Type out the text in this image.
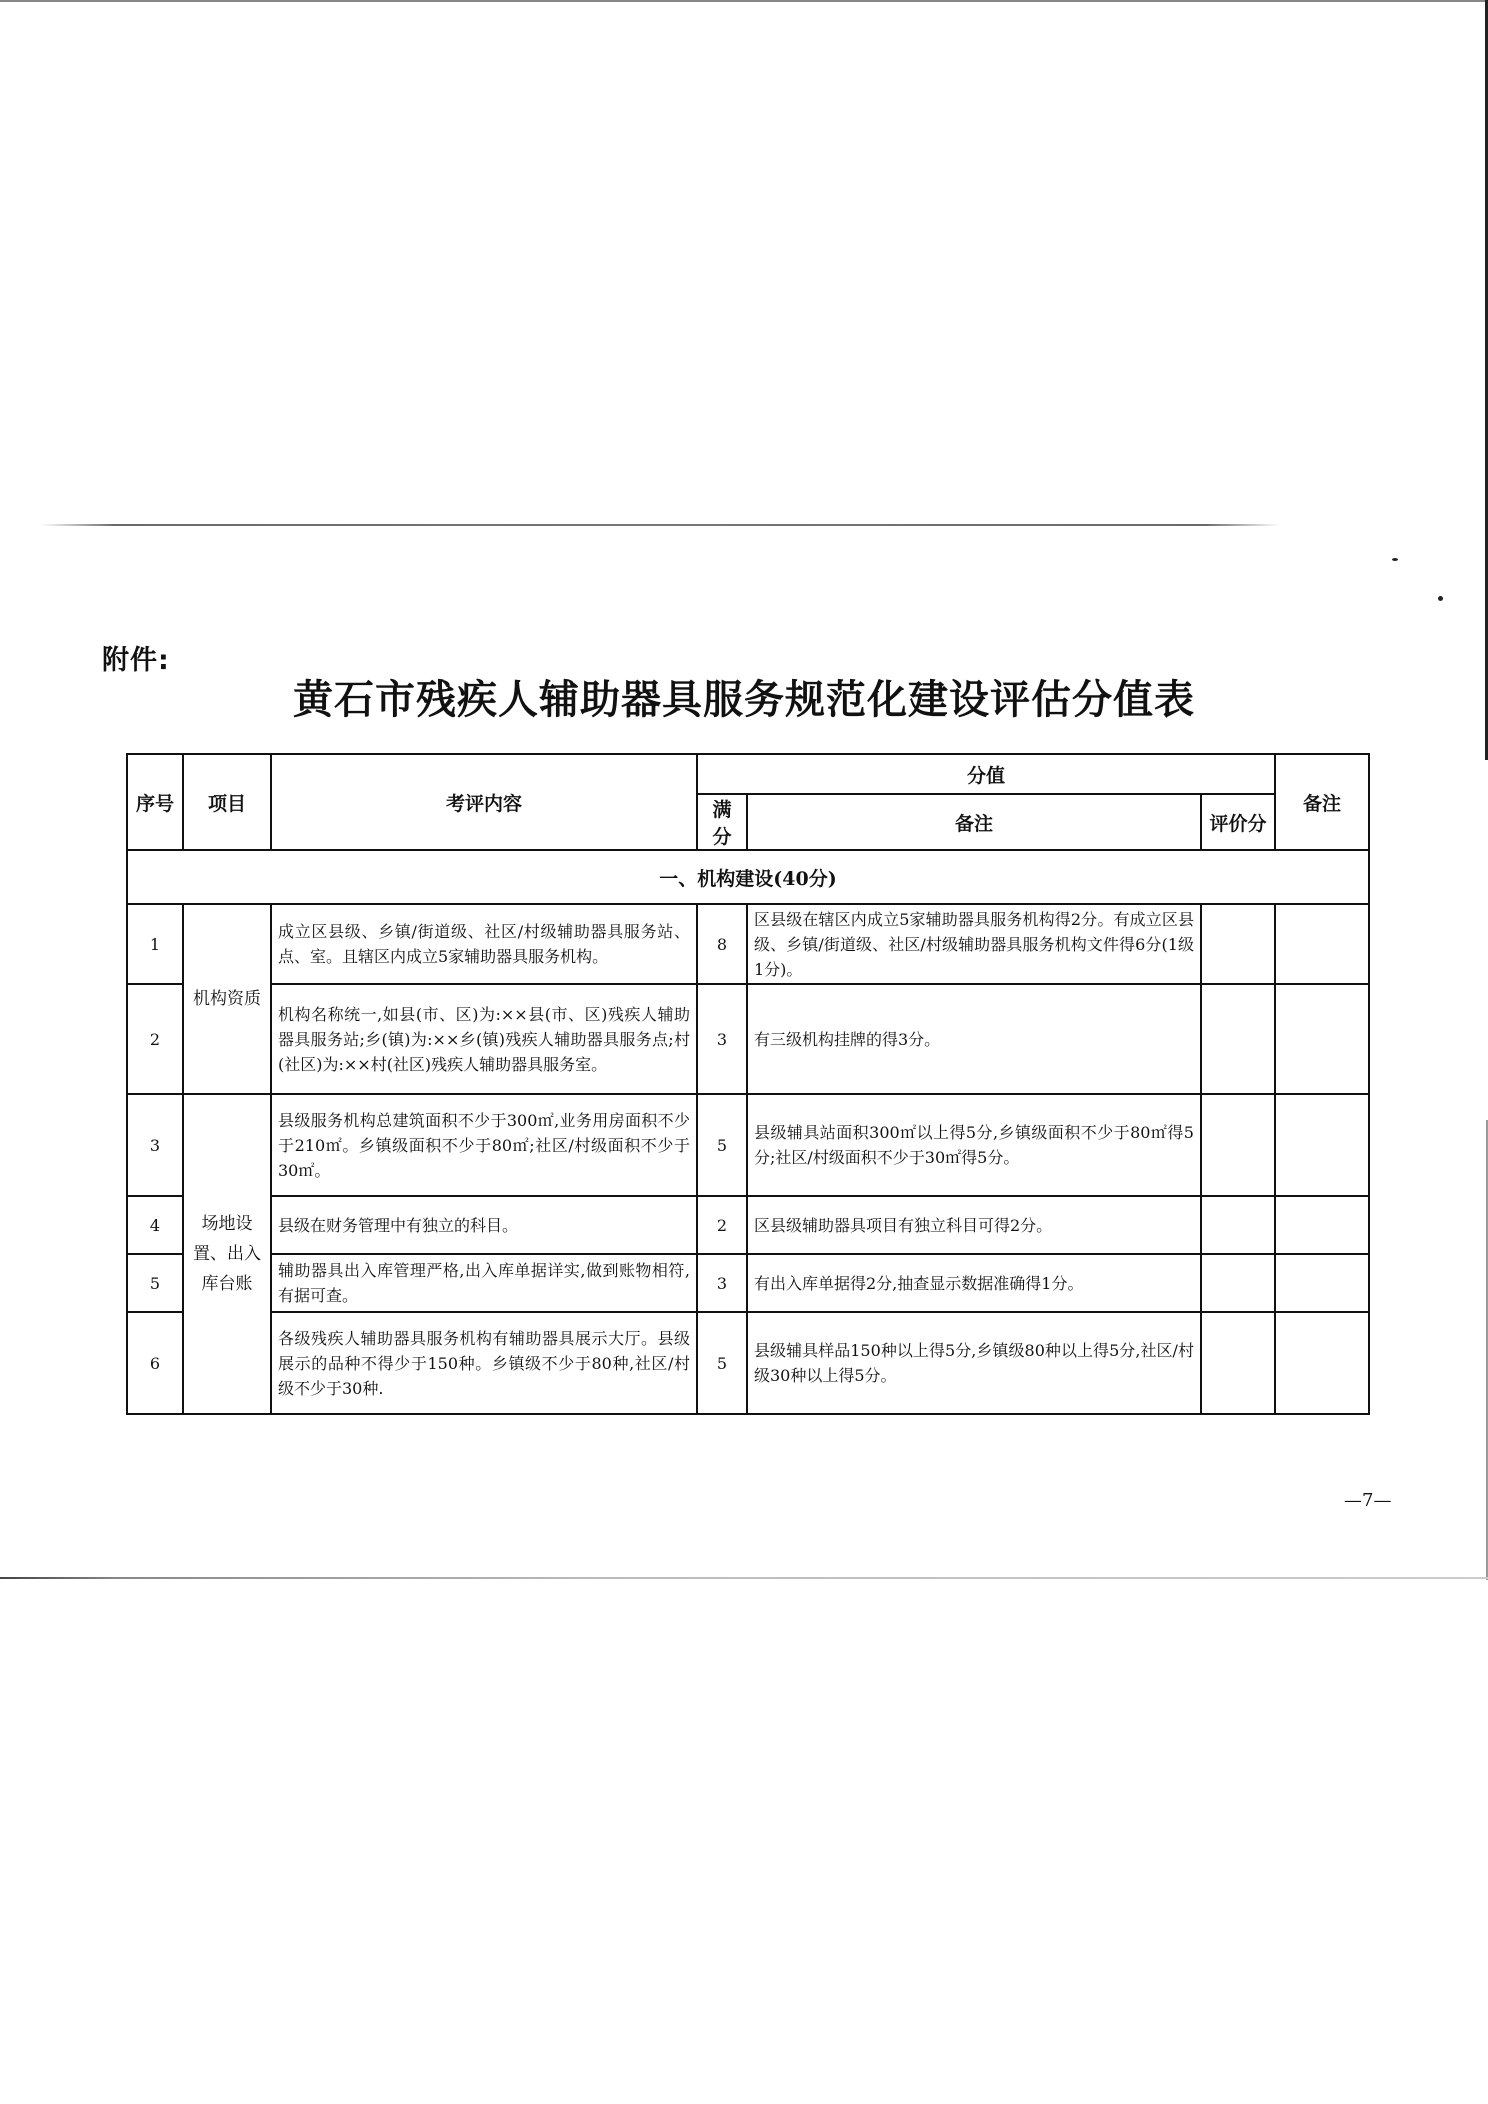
附件:
黄石市残疾人辅助器具服务规范化建设评估分值表
序号	项目	考评内容	分值			备注
			满分	备注	评价分	
一、机构建设(40分)						
1	机构资质	成立区县级、乡镇/街道级、社区/村级辅助器具服务站、点、室。且辖区内成立5家辅助器具服务机构。	8	区县级在辖区内成立5家辅助器具服务机构得2分。有成立区县级、乡镇/街道级、社区/村级辅助器具服务机构文件得6分(1级1分)。		
2		机构名称统一,如县(市、区)为:××县(市、区)残疾人辅助器具服务站;乡(镇)为:××乡(镇)残疾人辅助器具服务点;村(社区)为:××村(社区)残疾人辅助器具服务室。	3	有三级机构挂牌的得3分。		
3	场地设置、出入库台账	县级服务机构总建筑面积不少于300㎡,业务用房面积不少于210㎡。乡镇级面积不少于80㎡;社区/村级面积不少于30㎡。	5	县级辅具站面积300㎡以上得5分,乡镇级面积不少于80㎡得5分;社区/村级面积不少于30㎡得5分。		
4		县级在财务管理中有独立的科目。	2	区县级辅助器具项目有独立科目可得2分。		
5		辅助器具出入库管理严格,出入库单据详实,做到账物相符,有据可查。	3	有出入库单据得2分,抽查显示数据准确得1分。		
6		各级残疾人辅助器具服务机构有辅助器具展示大厅。县级展示的品种不得少于150种。乡镇级不少于80种,社区/村级不少于30种.	5	县级辅具样品150种以上得5分,乡镇级80种以上得5分,社区/村级30种以上得5分。		
—7—
